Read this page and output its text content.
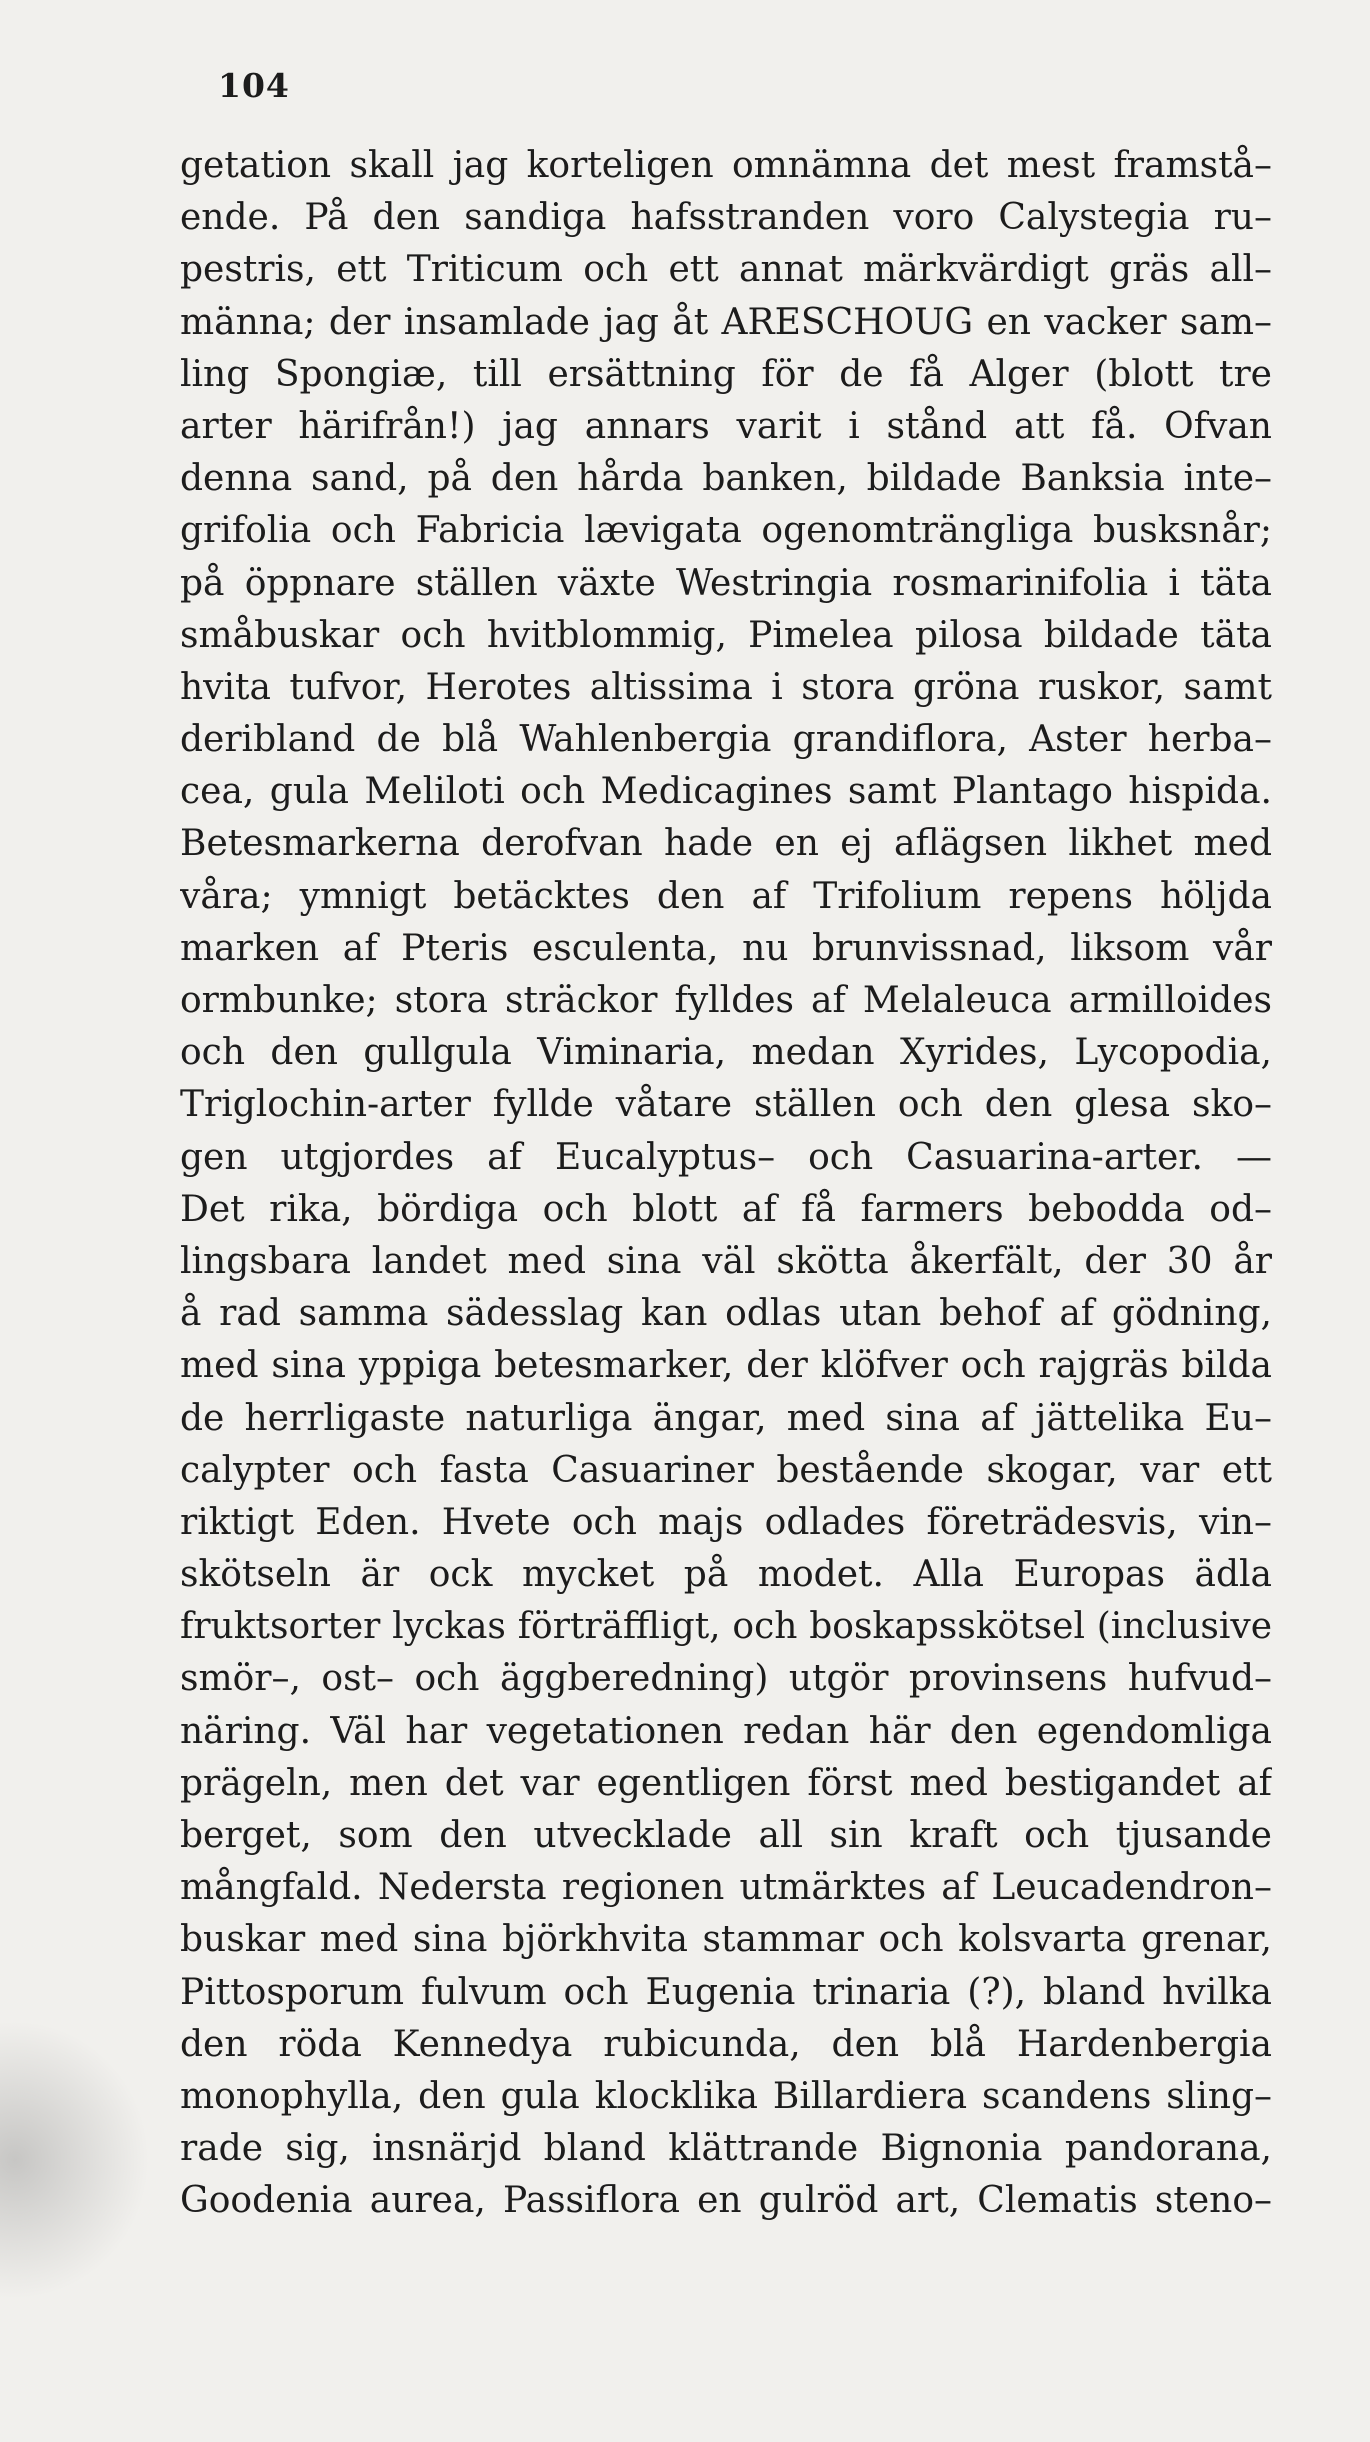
104
getation skall jag korteligen omnämna det mest framstå–
ende. På den sandiga hafsstranden voro Calystegia ru–
pestris, ett Triticum och ett annat märkvärdigt gräs all–
männa; der insamlade jag åt ARESCHOUG en vacker sam–
ling Spongiæ, till ersättning för de få Alger (blott tre
arter härifrån!) jag annars varit i stånd att få. Ofvan
denna sand, på den hårda banken, bildade Banksia inte–
grifolia och Fabricia lævigata ogenomträngliga busksnår;
på öppnare ställen växte Westringia rosmarinifolia i täta
småbuskar och hvitblommig, Pimelea pilosa bildade täta
hvita tufvor, Herotes altissima i stora gröna ruskor, samt
deribland de blå Wahlenbergia grandiflora, Aster herba–
cea, gula Meliloti och Medicagines samt Plantago hispida.
Betesmarkerna derofvan hade en ej aflägsen likhet med
våra; ymnigt betäcktes den af Trifolium repens höljda
marken af Pteris esculenta, nu brunvissnad, liksom vår
ormbunke; stora sträckor fylldes af Melaleuca armilloides
och den gullgula Viminaria, medan Xyrides, Lycopodia,
Triglochin-arter fyllde våtare ställen och den glesa sko–
gen utgjordes af Eucalyptus– och Casuarina-arter. —
Det rika, bördiga och blott af få farmers bebodda od–
lingsbara landet med sina väl skötta åkerfält, der 30 år
å rad samma sädesslag kan odlas utan behof af gödning,
med sina yppiga betesmarker, der klöfver och rajgräs bilda
de herrligaste naturliga ängar, med sina af jättelika Eu–
calypter och fasta Casuariner bestående skogar, var ett
riktigt Eden. Hvete och majs odlades företrädesvis, vin–
skötseln är ock mycket på modet. Alla Europas ädla
fruktsorter lyckas förträffligt, och boskapsskötsel (inclusive
smör–, ost– och äggberedning) utgör provinsens hufvud–
näring. Väl har vegetationen redan här den egendomliga
prägeln, men det var egentligen först med bestigandet af
berget, som den utvecklade all sin kraft och tjusande
mångfald. Nedersta regionen utmärktes af Leucadendron–
buskar med sina björkhvita stammar och kolsvarta grenar,
Pittosporum fulvum och Eugenia trinaria (?), bland hvilka
den röda Kennedya rubicunda, den blå Hardenbergia
monophylla, den gula klocklika Billardiera scandens sling–
rade sig, insnärjd bland klättrande Bignonia pandorana,
Goodenia aurea, Passiflora en gulröd art, Clematis steno–
